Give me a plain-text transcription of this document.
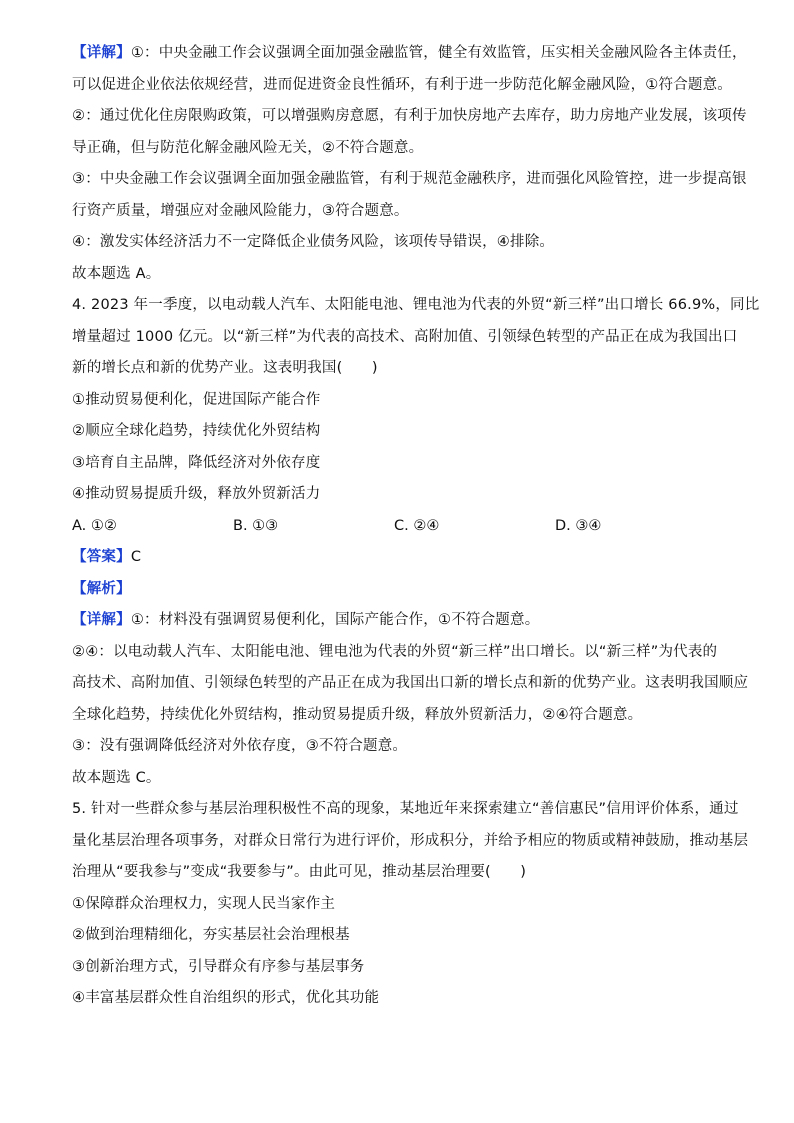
【详解】①：中央金融工作会议强调全面加强金融监管，健全有效监管，压实相关金融风险各主体责任，
可以促进企业依法依规经营，进而促进资金良性循环，有利于进一步防范化解金融风险，①符合题意。
②：通过优化住房限购政策，可以增强购房意愿，有利于加快房地产去库存，助力房地产业发展，该项传
导正确，但与防范化解金融风险无关，②不符合题意。
③：中央金融工作会议强调全面加强金融监管，有利于规范金融秩序，进而强化风险管控，进一步提高银
行资产质量，增强应对金融风险能力，③符合题意。
④：激发实体经济活力不一定降低企业债务风险，该项传导错误，④排除。
故本题选 A。
4. 2023 年一季度，以电动载人汽车、太阳能电池、锂电池为代表的外贸“新三样”出口增长 66.9%，同比
增量超过 1000 亿元。以“新三样”为代表的高技术、高附加值、引领绿色转型的产品正在成为我国出口
新的增长点和新的优势产业。这表明我国(　　)
①推动贸易便利化，促进国际产能合作
②顺应全球化趋势，持续优化外贸结构
③培育自主品牌，降低经济对外依存度
④推动贸易提质升级，释放外贸新活力
A. ①②	B. ①③	C. ②④	D. ③④
【答案】C
【解析】
【详解】①：材料没有强调贸易便利化，国际产能合作，①不符合题意。
②④：以电动载人汽车、太阳能电池、锂电池为代表的外贸“新三样”出口增长。以“新三样”为代表的
高技术、高附加值、引领绿色转型的产品正在成为我国出口新的增长点和新的优势产业。这表明我国顺应
全球化趋势，持续优化外贸结构，推动贸易提质升级，释放外贸新活力，②④符合题意。
③：没有强调降低经济对外依存度，③不符合题意。
故本题选 C。
5. 针对一些群众参与基层治理积极性不高的现象，某地近年来探索建立“善信惠民”信用评价体系，通过
量化基层治理各项事务，对群众日常行为进行评价，形成积分，并给予相应的物质或精神鼓励，推动基层
治理从“要我参与”变成“我要参与”。由此可见，推动基层治理要(　　)
①保障群众治理权力，实现人民当家作主
②做到治理精细化，夯实基层社会治理根基
③创新治理方式，引导群众有序参与基层事务
④丰富基层群众性自治组织的形式，优化其功能
